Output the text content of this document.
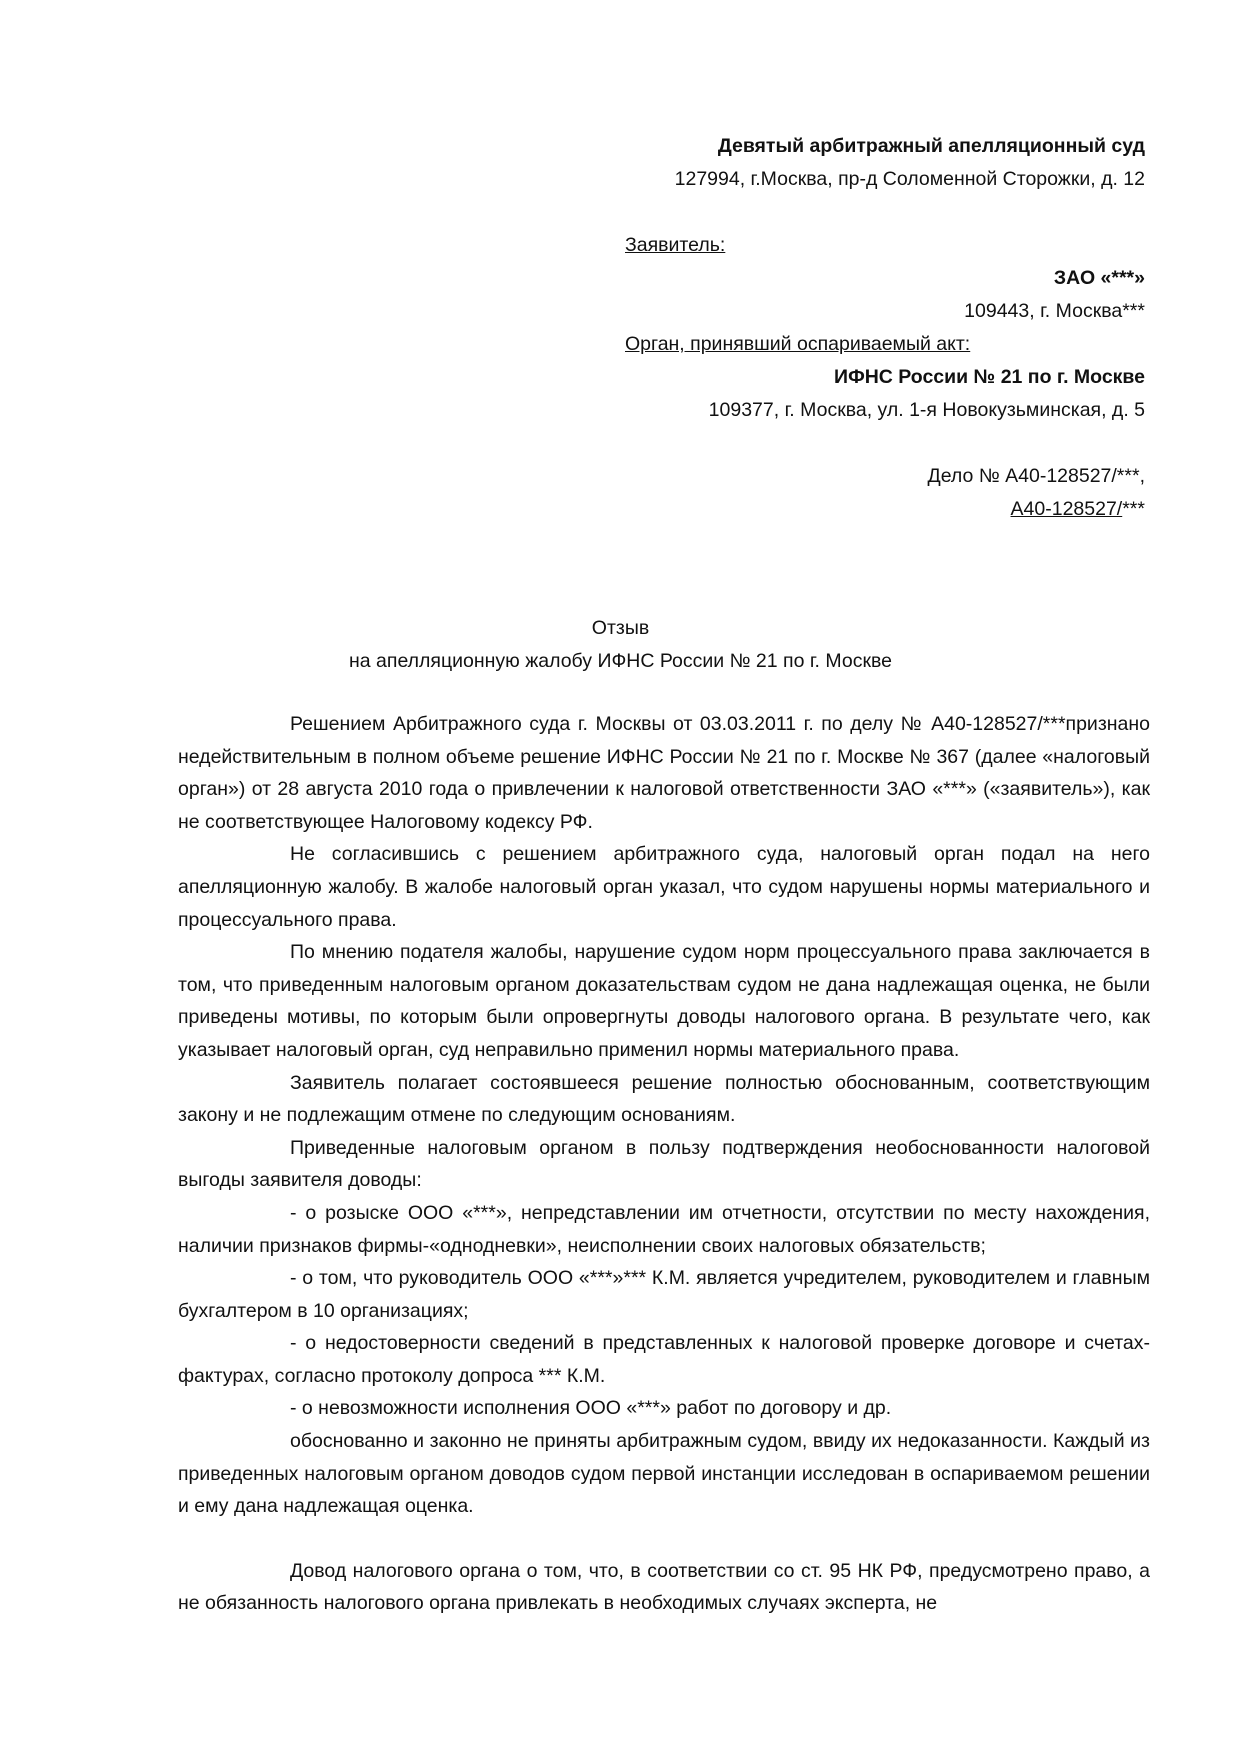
Девятый арбитражный апелляционный суд
127994, г.Москва, пр-д Соломенной Сторожки, д. 12
Заявитель:
ЗАО «***»
109443, г. Москва***
Орган, принявший оспариваемый акт:
ИФНС России № 21 по г. Москве
109377, г. Москва, ул. 1-я Новокузьминская, д. 5
Дело № А40-128527/***,
А40-128527/***
Отзыв
на апелляционную жалобу ИФНС России № 21 по г. Москве

Решением Арбитражного суда г. Москвы от 03.03.2011 г. по делу № А40-128527/***признано недействительным в полном объеме решение ИФНС России № 21 по г. Москве № 367 (далее «налоговый орган») от 28 августа 2010 года о привлечении к налоговой ответственности ЗАО «***» («заявитель»), как не соответствующее Налоговому кодексу РФ.

Не согласившись с решением арбитражного суда, налоговый орган подал на него апелляционную жалобу. В жалобе налоговый орган указал, что судом нарушены нормы материального и процессуального права.

По мнению подателя жалобы, нарушение судом норм процессуального права заключается в том, что приведенным налоговым органом доказательствам судом не дана надлежащая оценка, не были приведены мотивы, по которым были опровергнуты доводы налогового органа. В результате чего, как указывает налоговый орган, суд неправильно применил нормы материального права.

Заявитель полагает состоявшееся решение полностью обоснованным, соответствующим закону и не подлежащим отмене по следующим основаниям.

Приведенные налоговым органом в пользу подтверждения необоснованности налоговой выгоды заявителя доводы:

- о розыске ООО «***», непредставлении им отчетности, отсутствии по месту нахождения, наличии признаков фирмы-«однодневки», неисполнении своих налоговых обязательств;

- о том, что руководитель ООО «***»*** К.М. является учредителем, руководителем и главным бухгалтером в 10 организациях;

- о недостоверности сведений в представленных к налоговой проверке договоре и счетах-фактурах, согласно протоколу допроса *** К.М.

- о невозможности исполнения ООО «***» работ по договору и др.

обоснованно и законно не приняты арбитражным судом, ввиду их недоказанности. Каждый из приведенных налоговым органом доводов судом первой инстанции исследован в оспариваемом решении и ему дана надлежащая оценка.

Довод налогового органа о том, что, в соответствии со ст. 95 НК РФ, предусмотрено право, а не обязанность налогового органа привлекать в необходимых случаях эксперта, не
